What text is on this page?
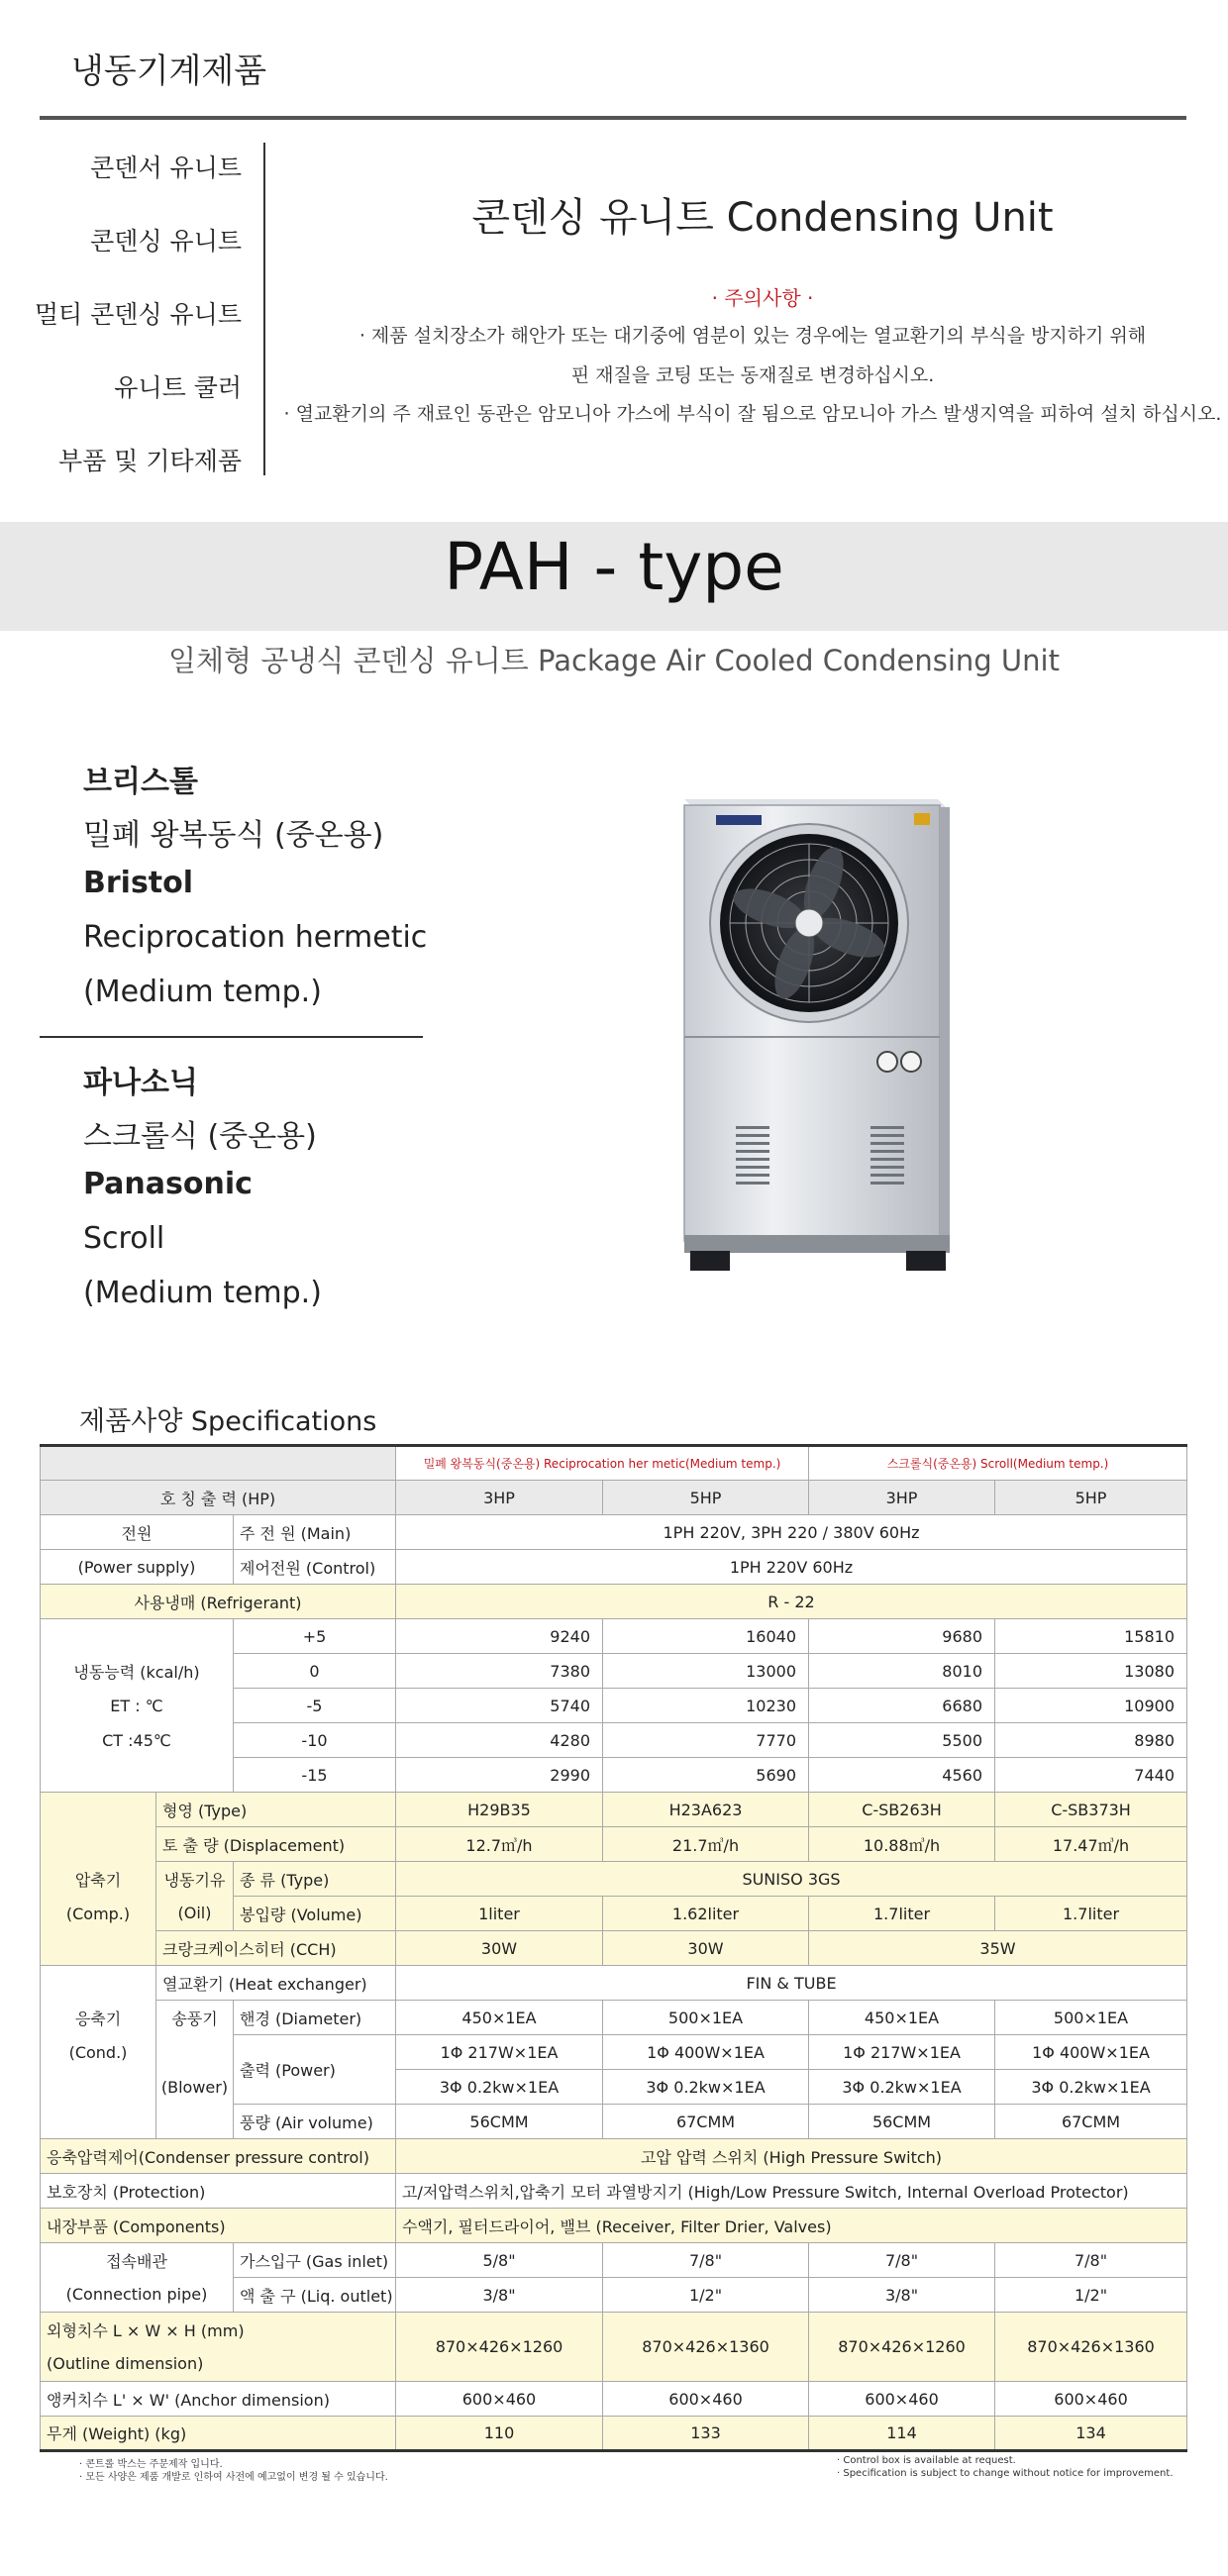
냉동기계제품
콘덴서 유니트
콘덴싱 유니트
멀티 콘덴싱 유니트
유니트 쿨러
부품 및 기타제품
콘덴싱 유니트 Condensing Unit
· 주의사항 ·
· 제품 설치장소가 해안가 또는 대기중에 염분이 있는 경우에는 열교환기의 부식을 방지하기 위해
핀 재질을 코팅 또는 동재질로 변경하십시오.
· 열교환기의 주 재료인 동관은 암모니아 가스에 부식이 잘 됨으로 암모니아 가스 발생지역을 피하여 설치 하십시오.
PAH - type
일체형 공냉식 콘덴싱 유니트 Package Air Cooled Condensing Unit
브리스톨
밀폐 왕복동식 (중온용)
Bristol
Reciprocation hermetic
(Medium temp.)
파나소닉
스크롤식 (중온용)
Panasonic
Scroll
(Medium temp.)
제품사양 Specifications
			밀폐 왕복동식(중온용) Reciprocation her metic(Medium temp.)		스크롤식(중온용) Scroll(Medium temp.)	
호 칭 출 력 (HP)			3HP	5HP	3HP	5HP
전원		주 전 원 (Main)	1PH 220V, 3PH 220 / 380V 60Hz			
(Power supply)		제어전원 (Control)	1PH 220V 60Hz			
사용냉매 (Refrigerant)			R - 22			
		+5	9240	16040	9680	15810
냉동능력 (kcal/h)		0	7380	13000	8010	13080
ET : ℃		-5	5740	10230	6680	10900
CT :45℃		-10	4280	7770	5500	8980
		-15	2990	5690	4560	7440
	형영 (Type)		H29B35	H23A623	C-SB263H	C-SB373H
	토 출 량 (Displacement)		12.7㎥/h	21.7㎥/h	10.88㎥/h	17.47㎥/h
압축기	냉동기유	종 류 (Type)	SUNISO 3GS			
(Comp.)	(Oil)	봉입량 (Volume)	1liter	1.62liter	1.7liter	1.7liter
	크랑크케이스히터 (CCH)		30W	30W	35W	
	열교환기 (Heat exchanger)		FIN & TUBE			
응축기	송풍기	핸경 (Diameter)	450×1EA	500×1EA	450×1EA	500×1EA
(Cond.)		출력 (Power)	1Φ 217W×1EA	1Φ 400W×1EA	1Φ 217W×1EA	1Φ 400W×1EA
	(Blower)		3Φ 0.2kw×1EA	3Φ 0.2kw×1EA	3Φ 0.2kw×1EA	3Φ 0.2kw×1EA
		풍량 (Air volume)	56CMM	67CMM	56CMM	67CMM
응축압력제어(Condenser pressure control)			고압 압력 스위치 (High Pressure Switch)			
보호장치 (Protection)			고/저압력스위치,압축기 모터 과열방지기 (High/Low Pressure Switch, Internal Overload Protector)			
내장부품 (Components)			수액기, 필터드라이어, 밸브 (Receiver, Filter Drier, Valves)			
접속배관		가스입구 (Gas inlet)	5/8"	7/8"	7/8"	7/8"
(Connection pipe)		액 출 구 (Liq. outlet)	3/8"	1/2"	3/8"	1/2"
외형치수 L × W × H (mm)			870×426×1260	870×426×1360	870×426×1260	870×426×1360
(Outline dimension)						
앵커치수 L' × W' (Anchor dimension)			600×460	600×460	600×460	600×460
무게 (Weight) (kg)			110	133	114	134
· 콘트롤 박스는 주문제작 입니다.
· 모든 사양은 제품 개발로 인하여 사전에 예고없이 변경 될 수 있습니다.
· Control box is available at request.
· Specification is subject to change without notice for improvement.
